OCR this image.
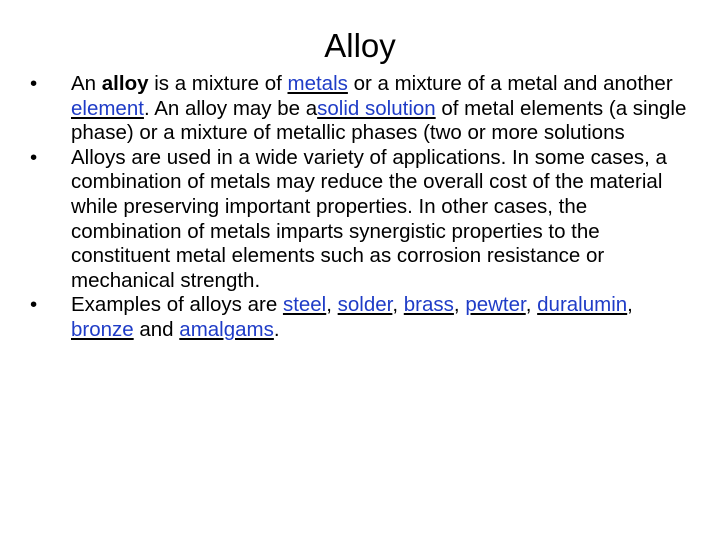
Alloy
• An alloy is a mixture of metals or a mixture of a metal and another element. An alloy may be asolid solution of metal elements (a single phase) or a mixture of metallic phases (two or more solutions
• Alloys are used in a wide variety of applications. In some cases, a combination of metals may reduce the overall cost of the material while preserving important properties. In other cases, the combination of metals imparts synergistic properties to the constituent metal elements such as corrosion resistance or mechanical strength.
• Examples of alloys are steel, solder, brass, pewter, duralumin, bronze and amalgams.
